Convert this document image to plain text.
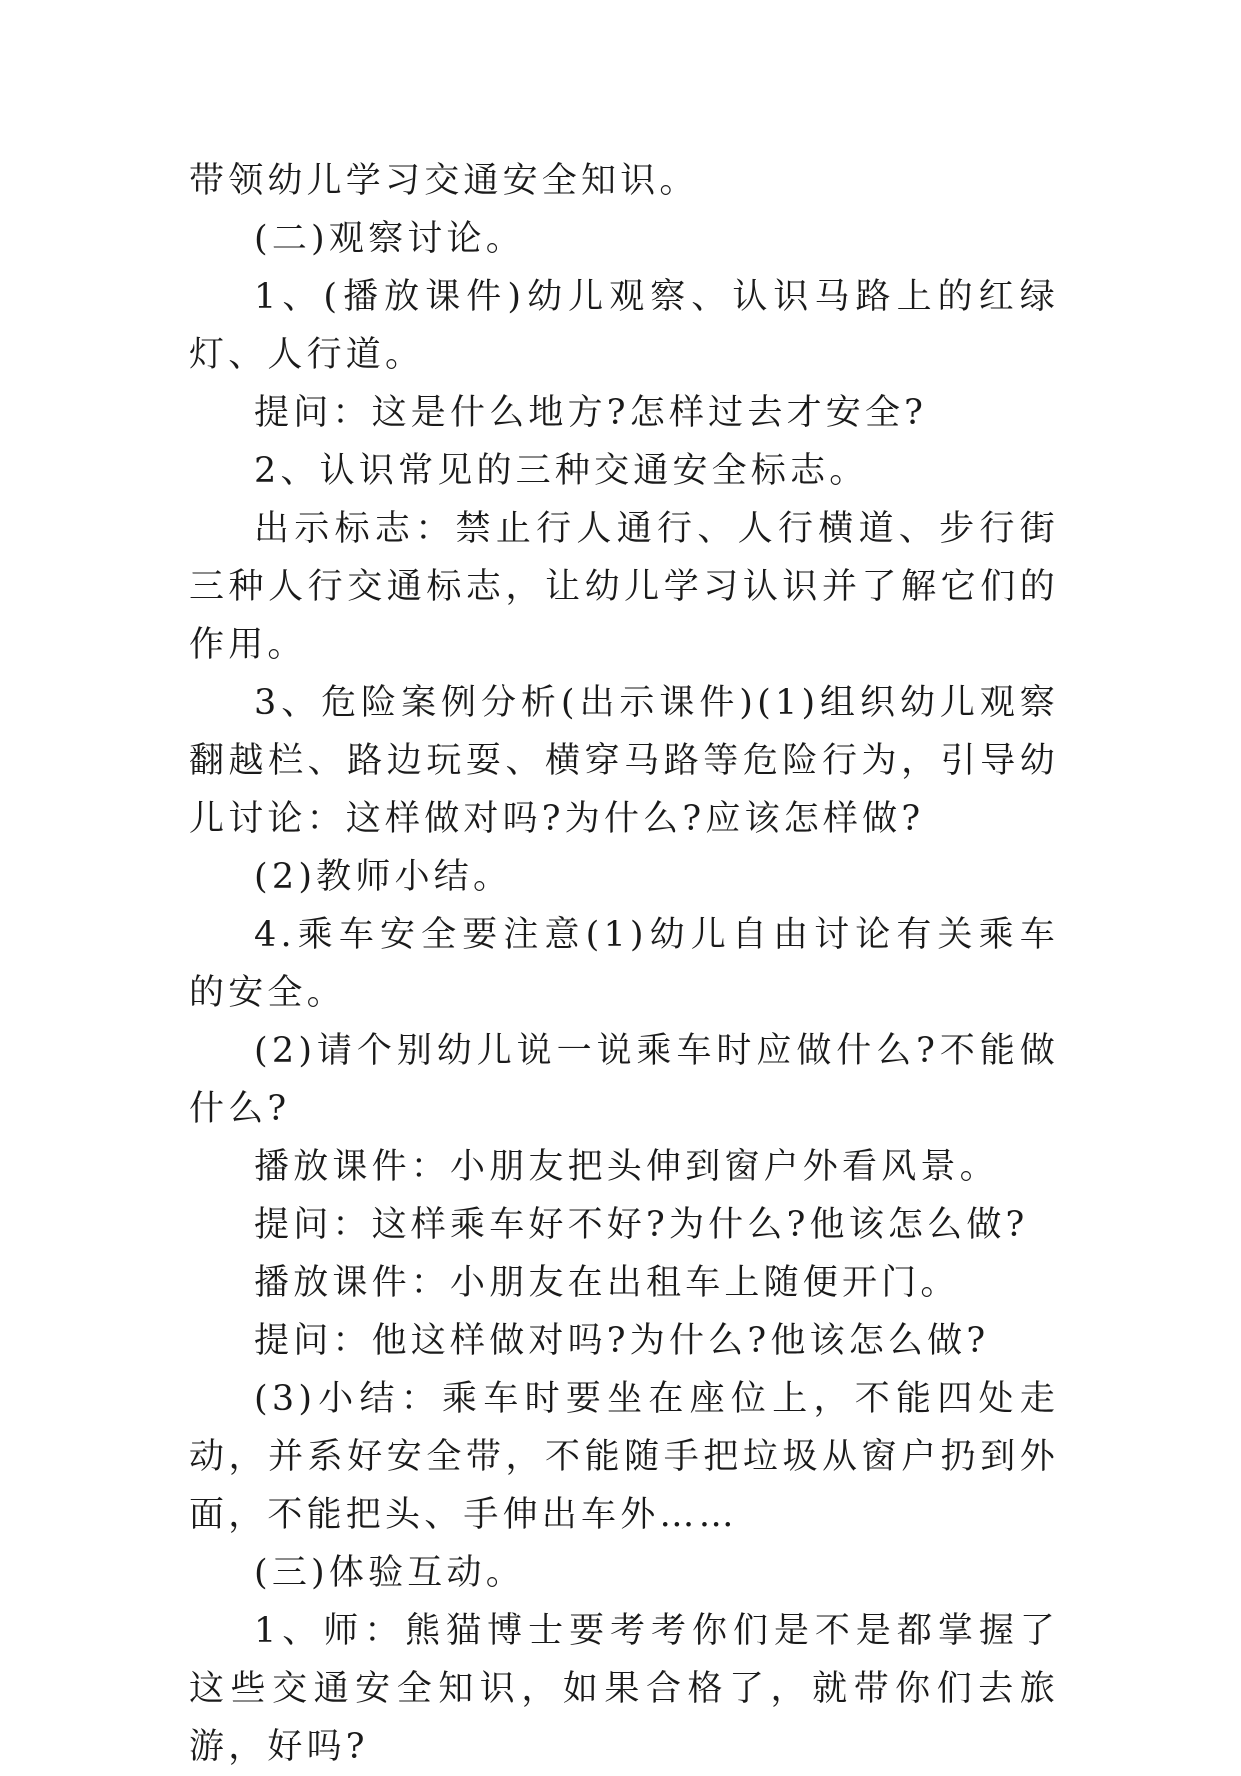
带领幼儿学习交通安全知识。

(二)观察讨论。

1、(播放课件)幼儿观察、认识马路上的红绿灯、人行道。

提问：这是什么地方?怎样过去才安全?

2、认识常见的三种交通安全标志。

出示标志：禁止行人通行、人行横道、步行街三种人行交通标志，让幼儿学习认识并了解它们的作用。

3、危险案例分析(出示课件)(1)组织幼儿观察翻越栏、路边玩耍、横穿马路等危险行为，引导幼儿讨论：这样做对吗?为什么?应该怎样做?

(2)教师小结。

4.乘车安全要注意(1)幼儿自由讨论有关乘车的安全。

(2)请个别幼儿说一说乘车时应做什么?不能做什么?

播放课件：小朋友把头伸到窗户外看风景。

提问：这样乘车好不好?为什么?他该怎么做?

播放课件：小朋友在出租车上随便开门。

提问：他这样做对吗?为什么?他该怎么做?

(3)小结：乘车时要坐在座位上，不能四处走动，并系好安全带，不能随手把垃圾从窗户扔到外面，不能把头、手伸出车外……

(三)体验互动。

1、师：熊猫博士要考考你们是不是都掌握了这些交通安全知识，如果合格了，就带你们去旅游，好吗?
